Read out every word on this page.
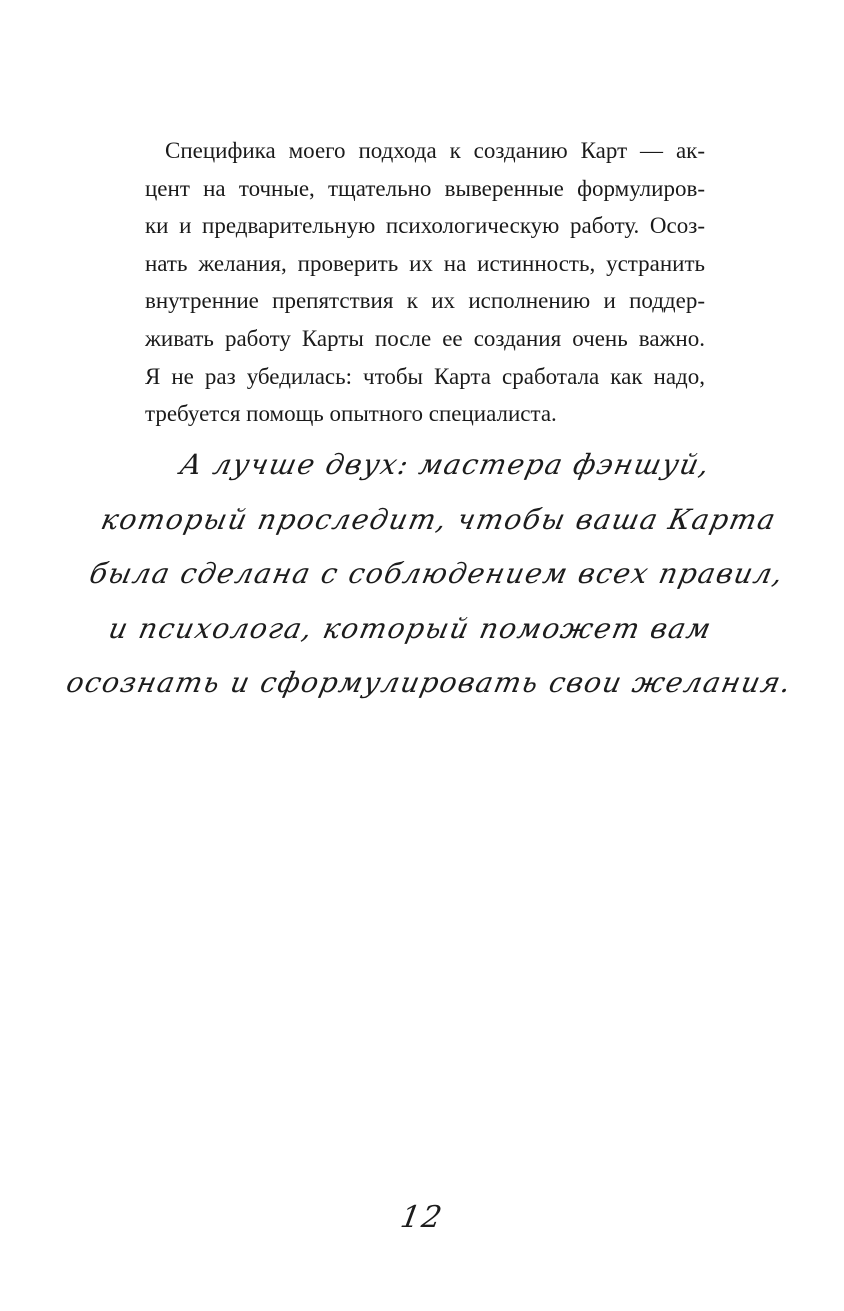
Специфика моего подхода к созданию Карт — ак-
цент на точные, тщательно выверенные формулиров-
ки и предварительную психологическую работу. Осоз-
нать желания, проверить их на истинность, устранить
внутренние препятствия к их исполнению и поддер-
живать работу Карты после ее создания очень важно.
Я не раз убедилась: чтобы Карта сработала как надо,
требуется помощь опытного специалиста.

А лучше двух: мастера фэншуй,
который проследит, чтобы ваша Карта
была сделана с соблюдением всех правил,
и психолога, который поможет вам
осознать и сформулировать свои желания.
12
